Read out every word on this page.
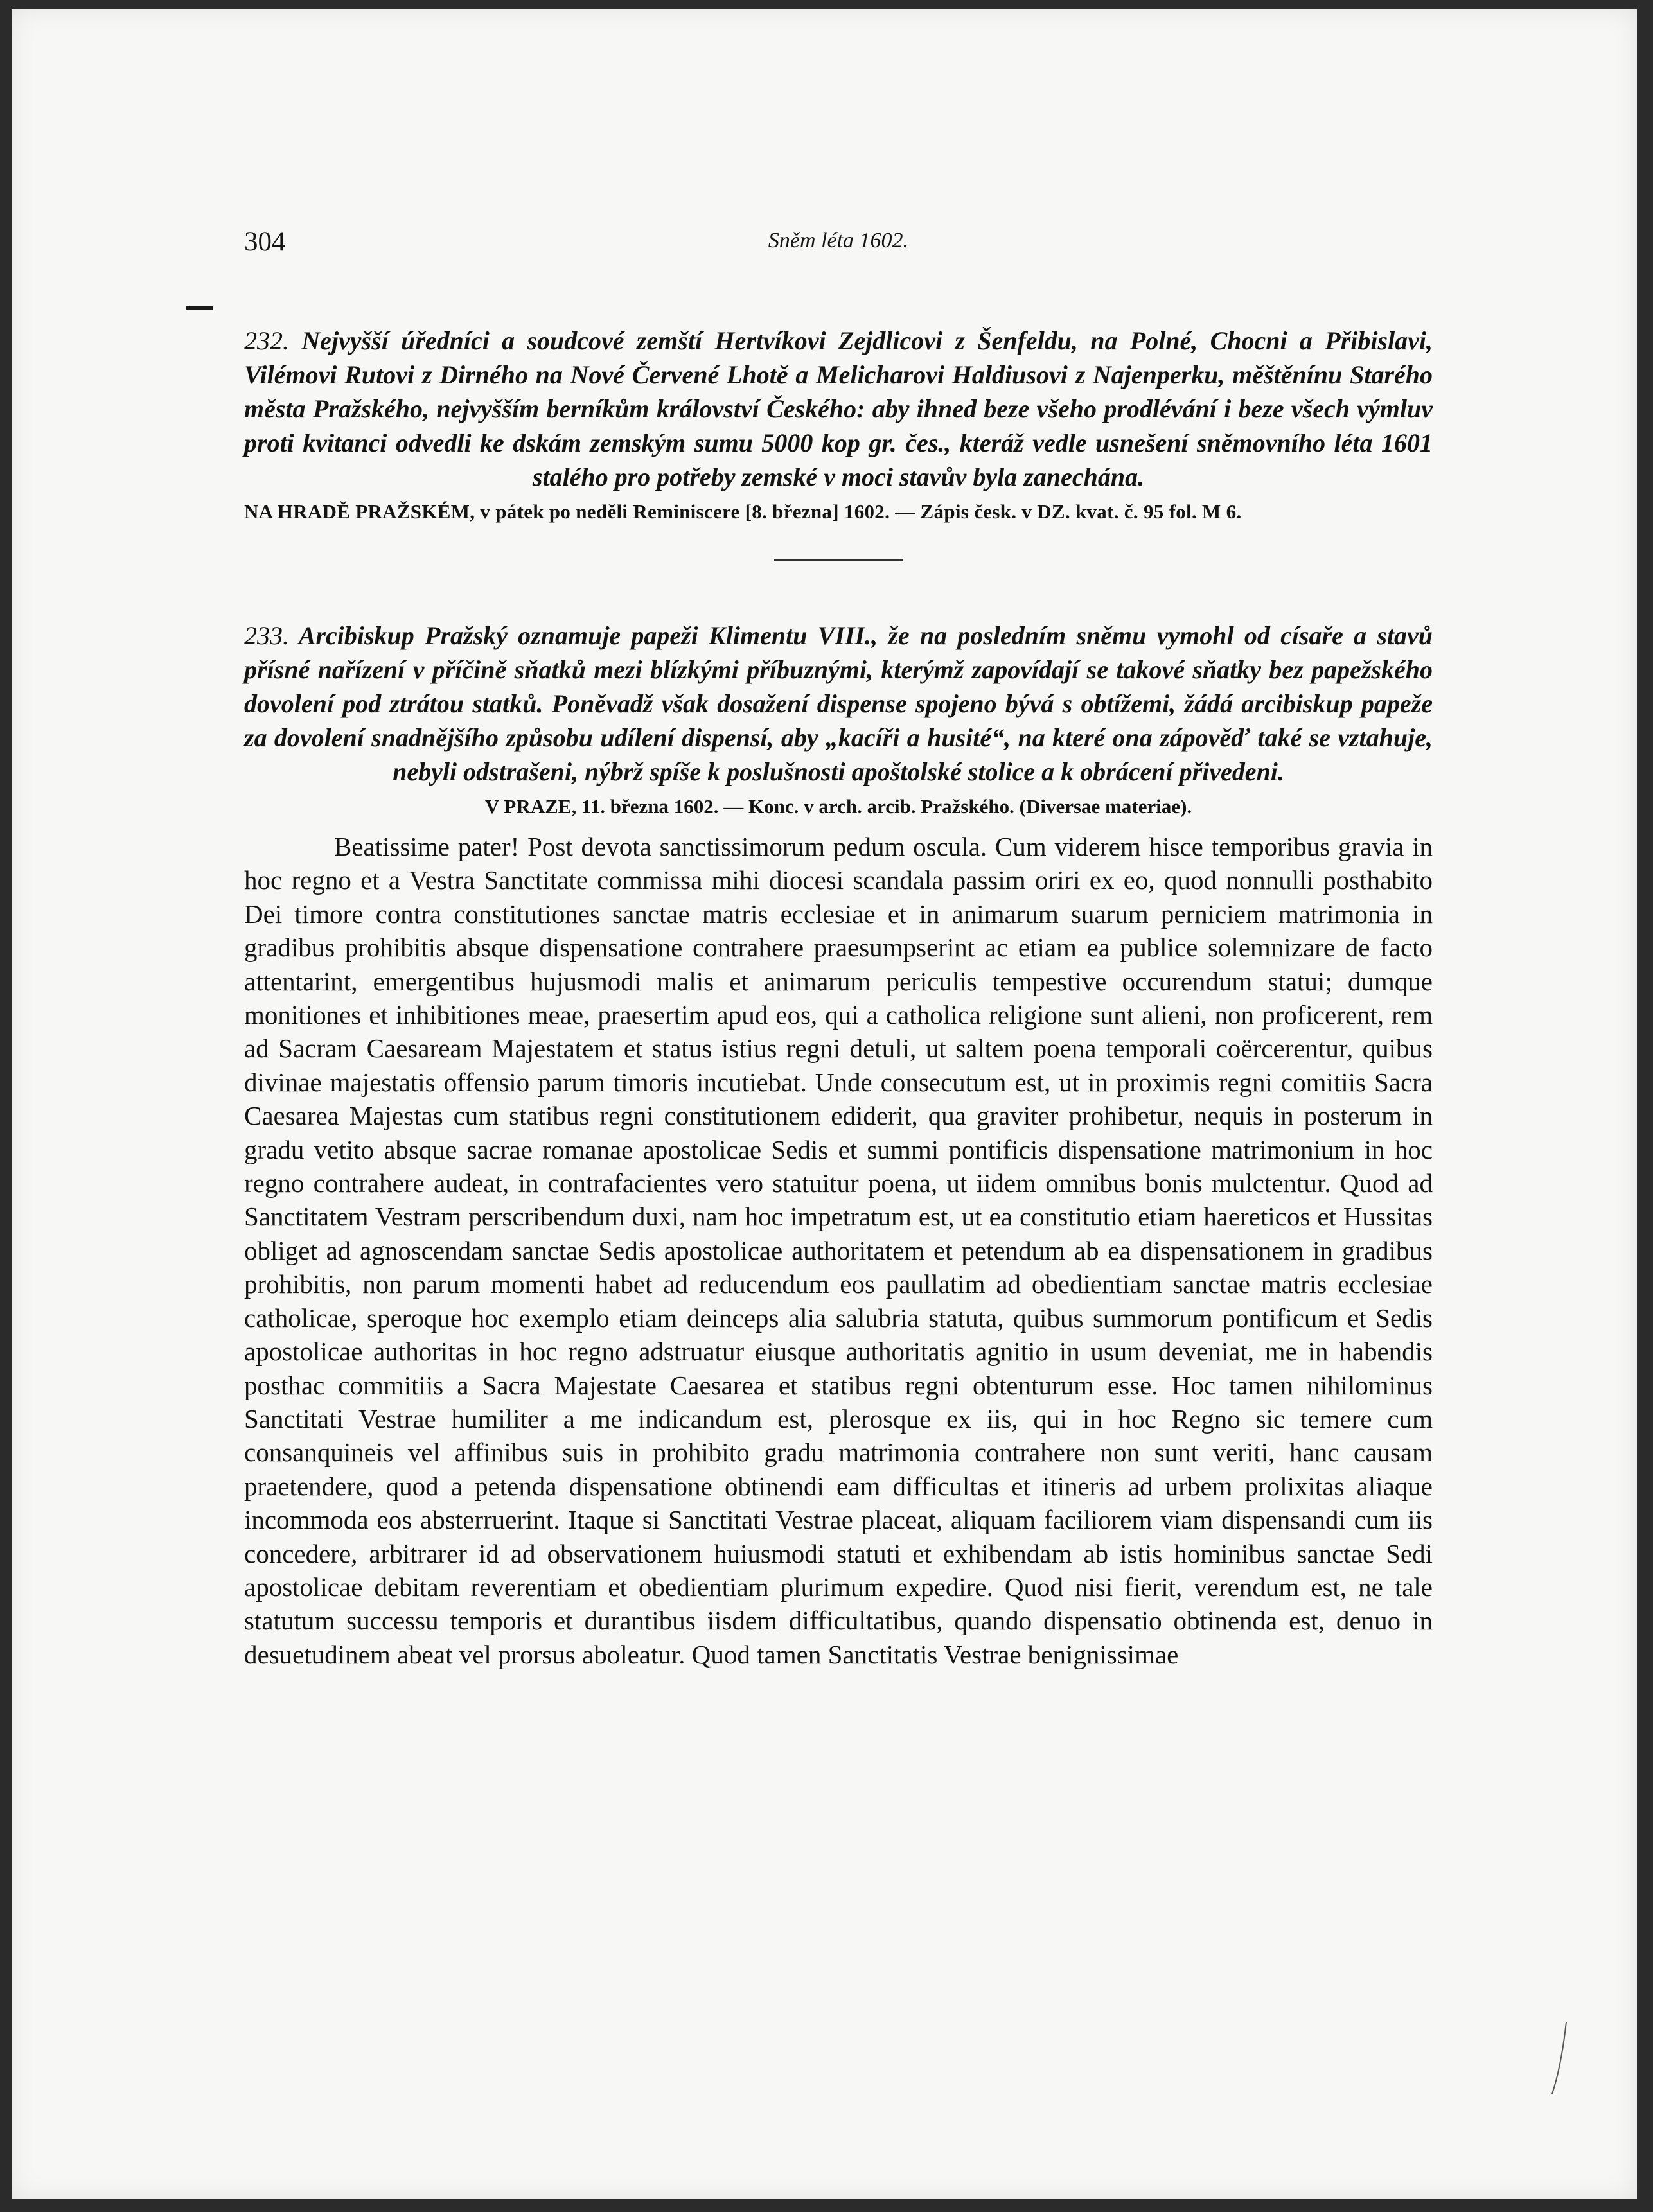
304	Sněm léta 1602.
232. Nejvyšší úředníci a soudcové zemští Hertvíkovi Zejdlicovi z Šenfeldu, na Polné, Chocni a Přibislavi, Vilémovi Rutovi z Dirného na Nové Červené Lhotě a Melicharovi Haldiusovi z Najenperku, měštěnínu Starého města Pražského, nejvyšším berníkům království Českého: aby ihned beze všeho prodlévání i beze všech výmluv proti kvitanci odvedli ke dskám zemským sumu 5000 kop gr. čes., kteráž vedle usnešení sněmovního léta 1601 stalého pro potřeby zemské v moci stavův byla zanechána.
NA HRADĚ PRAŽSKÉM, v pátek po neděli Reminiscere [8. března] 1602. — Zápis česk. v DZ. kvat. č. 95 fol. M 6.
233. Arcibiskup Pražský oznamuje papeži Klimentu VIII., že na posledním sněmu vymohl od císaře a stavů přísné nařízení v příčině sňatků mezi blízkými příbuznými, kterýmž zapovídají se takové sňatky bez papežského dovolení pod ztrátou statků. Poněvadž však dosažení dispense spojeno bývá s obtížemi, žádá arcibiskup papeže za dovolení snadnějšího způsobu udílení dispensí, aby „kacíři a husité“, na které ona zápověď také se vztahuje, nebyli odstrašeni, nýbrž spíše k poslušnosti apoštolské stolice a k obrácení přivedeni.
V PRAZE, 11. března 1602. — Konc. v arch. arcib. Pražského. (Diversae materiae).

Beatissime pater! Post devota sanctissimorum pedum oscula. Cum viderem hisce temporibus gravia in hoc regno et a Vestra Sanctitate commissa mihi diocesi scandala passim oriri ex eo, quod nonnulli posthabito Dei timore contra constitutiones sanctae matris ecclesiae et in animarum suarum perniciem matrimonia in gradibus prohibitis absque dispensatione contrahere praesumpserint ac etiam ea publice solemnizare de facto attentarint, emergentibus hujusmodi malis et animarum periculis tempestive occurendum statui; dumque monitiones et inhibitiones meae, praesertim apud eos, qui a catholica religione sunt alieni, non proficerent, rem ad Sacram Caesaream Majestatem et status istius regni detuli, ut saltem poena temporali coërcerentur, quibus divinae majestatis offensio parum timoris incutiebat. Unde consecutum est, ut in proximis regni comitiis Sacra Caesarea Majestas cum statibus regni constitutionem ediderit, qua graviter prohibetur, nequis in posterum in gradu vetito absque sacrae romanae apostolicae Sedis et summi pontificis dispensatione matrimonium in hoc regno contrahere audeat, in contrafacientes vero statuitur poena, ut iidem omnibus bonis mulctentur. Quod ad Sanctitatem Vestram perscribendum duxi, nam hoc impetratum est, ut ea constitutio etiam haereticos et Hussitas obliget ad agnoscendam sanctae Sedis apostolicae authoritatem et petendum ab ea dispensationem in gradibus prohibitis, non parum momenti habet ad reducendum eos paullatim ad obedientiam sanctae matris ecclesiae catholicae, speroque hoc exemplo etiam deinceps alia salubria statuta, quibus summorum pontificum et Sedis apostolicae authoritas in hoc regno adstruatur eiusque authoritatis agnitio in usum deveniat, me in habendis posthac commitiis a Sacra Majestate Caesarea et statibus regni obtenturum esse. Hoc tamen nihilominus Sanctitati Vestrae humiliter a me indicandum est, plerosque ex iis, qui in hoc Regno sic temere cum consanquineis vel affinibus suis in prohibito gradu matrimonia contrahere non sunt veriti, hanc causam praetendere, quod a petenda dispensatione obtinendi eam difficultas et itineris ad urbem prolixitas aliaque incommoda eos absterruerint. Itaque si Sanctitati Vestrae placeat, aliquam faciliorem viam dispensandi cum iis concedere, arbitrarer id ad observationem huiusmodi statuti et exhibendam ab istis hominibus sanctae Sedi apostolicae debitam reverentiam et obedientiam plurimum expedire. Quod nisi fierit, verendum est, ne tale statutum successu temporis et durantibus iisdem difficultatibus, quando dispensatio obtinenda est, denuo in desuetudinem abeat vel prorsus aboleatur. Quod tamen Sanctitatis Vestrae benignissimae
